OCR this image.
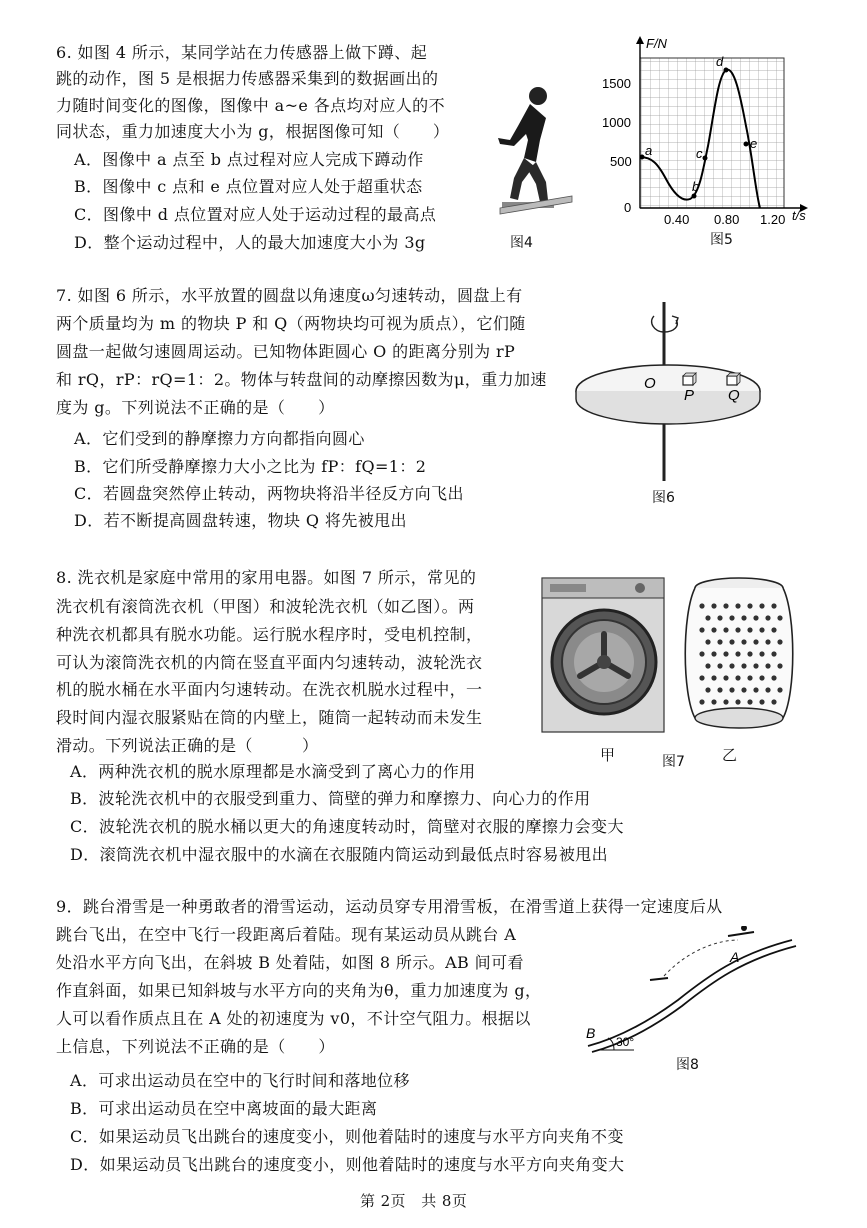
6. 如图 4 所示，某同学站在力传感器上做下蹲、起
跳的动作，图 5 是根据力传感器采集到的数据画出的
力随时间变化的图像，图像中 a~e 各点均对应人的不
同状态，重力加速度大小为 g，根据图像可知（　　）
A．图像中 a 点至 b 点过程对应人完成下蹲动作
B．图像中 c 点和 e 点位置对应人处于超重状态
C．图像中 d 点位置对应人处于运动过程的最高点
D．整个运动过程中，人的最大加速度大小为 3g	图4
F/N
t/s
1500
1000
500
0
0.40 0.80 1.20
a
b
c
d
e
图5
7. 如图 6 所示，水平放置的圆盘以角速度ω匀速转动，圆盘上有
两个质量均为 m 的物块 P 和 Q（两物块均可视为质点），它们随
圆盘一起做匀速圆周运动。已知物体距圆心 O 的距离分别为 rP
和 rQ，rP：rQ=1：2。物体与转盘间的动摩擦因数为μ，重力加速
度为 g。下列说法不正确的是（　　）
A．它们受到的静摩擦力方向都指向圆心
B．它们所受静摩擦力大小之比为 fP：fQ=1：2
C．若圆盘突然停止转动，两物块将沿半径反方向飞出
D．若不断提高圆盘转速，物块 Q 将先被甩出
O
P Q
图6
8. 洗衣机是家庭中常用的家用电器。如图 7 所示，常见的
洗衣机有滚筒洗衣机（甲图）和波轮洗衣机（如乙图）。两
种洗衣机都具有脱水功能。运行脱水程序时，受电机控制，
可认为滚筒洗衣机的内筒在竖直平面内匀速转动，波轮洗衣
机的脱水桶在水平面内匀速转动。在洗衣机脱水过程中，一
段时间内湿衣服紧贴在筒的内壁上，随筒一起转动而未发生
滑动。下列说法正确的是（　　　）
A．两种洗衣机的脱水原理都是水滴受到了离心力的作用
B．波轮洗衣机中的衣服受到重力、筒壁的弹力和摩擦力、向心力的作用
C．波轮洗衣机的脱水桶以更大的角速度转动时，筒壁对衣服的摩擦力会变大
D．滚筒洗衣机中湿衣服中的水滴在衣服随内筒运动到最低点时容易被甩出
甲	图7 乙
9．跳台滑雪是一种勇敢者的滑雪运动，运动员穿专用滑雪板，在滑雪道上获得一定速度后从
跳台飞出，在空中飞行一段距离后着陆。现有某运动员从跳台 A
处沿水平方向飞出，在斜坡 B 处着陆，如图 8 所示。AB 间可看
作直斜面，如果已知斜坡与水平方向的夹角为θ，重力加速度为 g，
人可以看作质点且在 A 处的初速度为 v0，不计空气阻力。根据以
上信息，下列说法不正确的是（　　）
A．可求出运动员在空中的飞行时间和落地位移
B．可求出运动员在空中离坡面的最大距离
C．如果运动员飞出跳台的速度变小，则他着陆时的速度与水平方向夹角不变
D．如果运动员飞出跳台的速度变小，则他着陆时的速度与水平方向夹角变大
A
B
30°
图8
第 2页　共 8页
